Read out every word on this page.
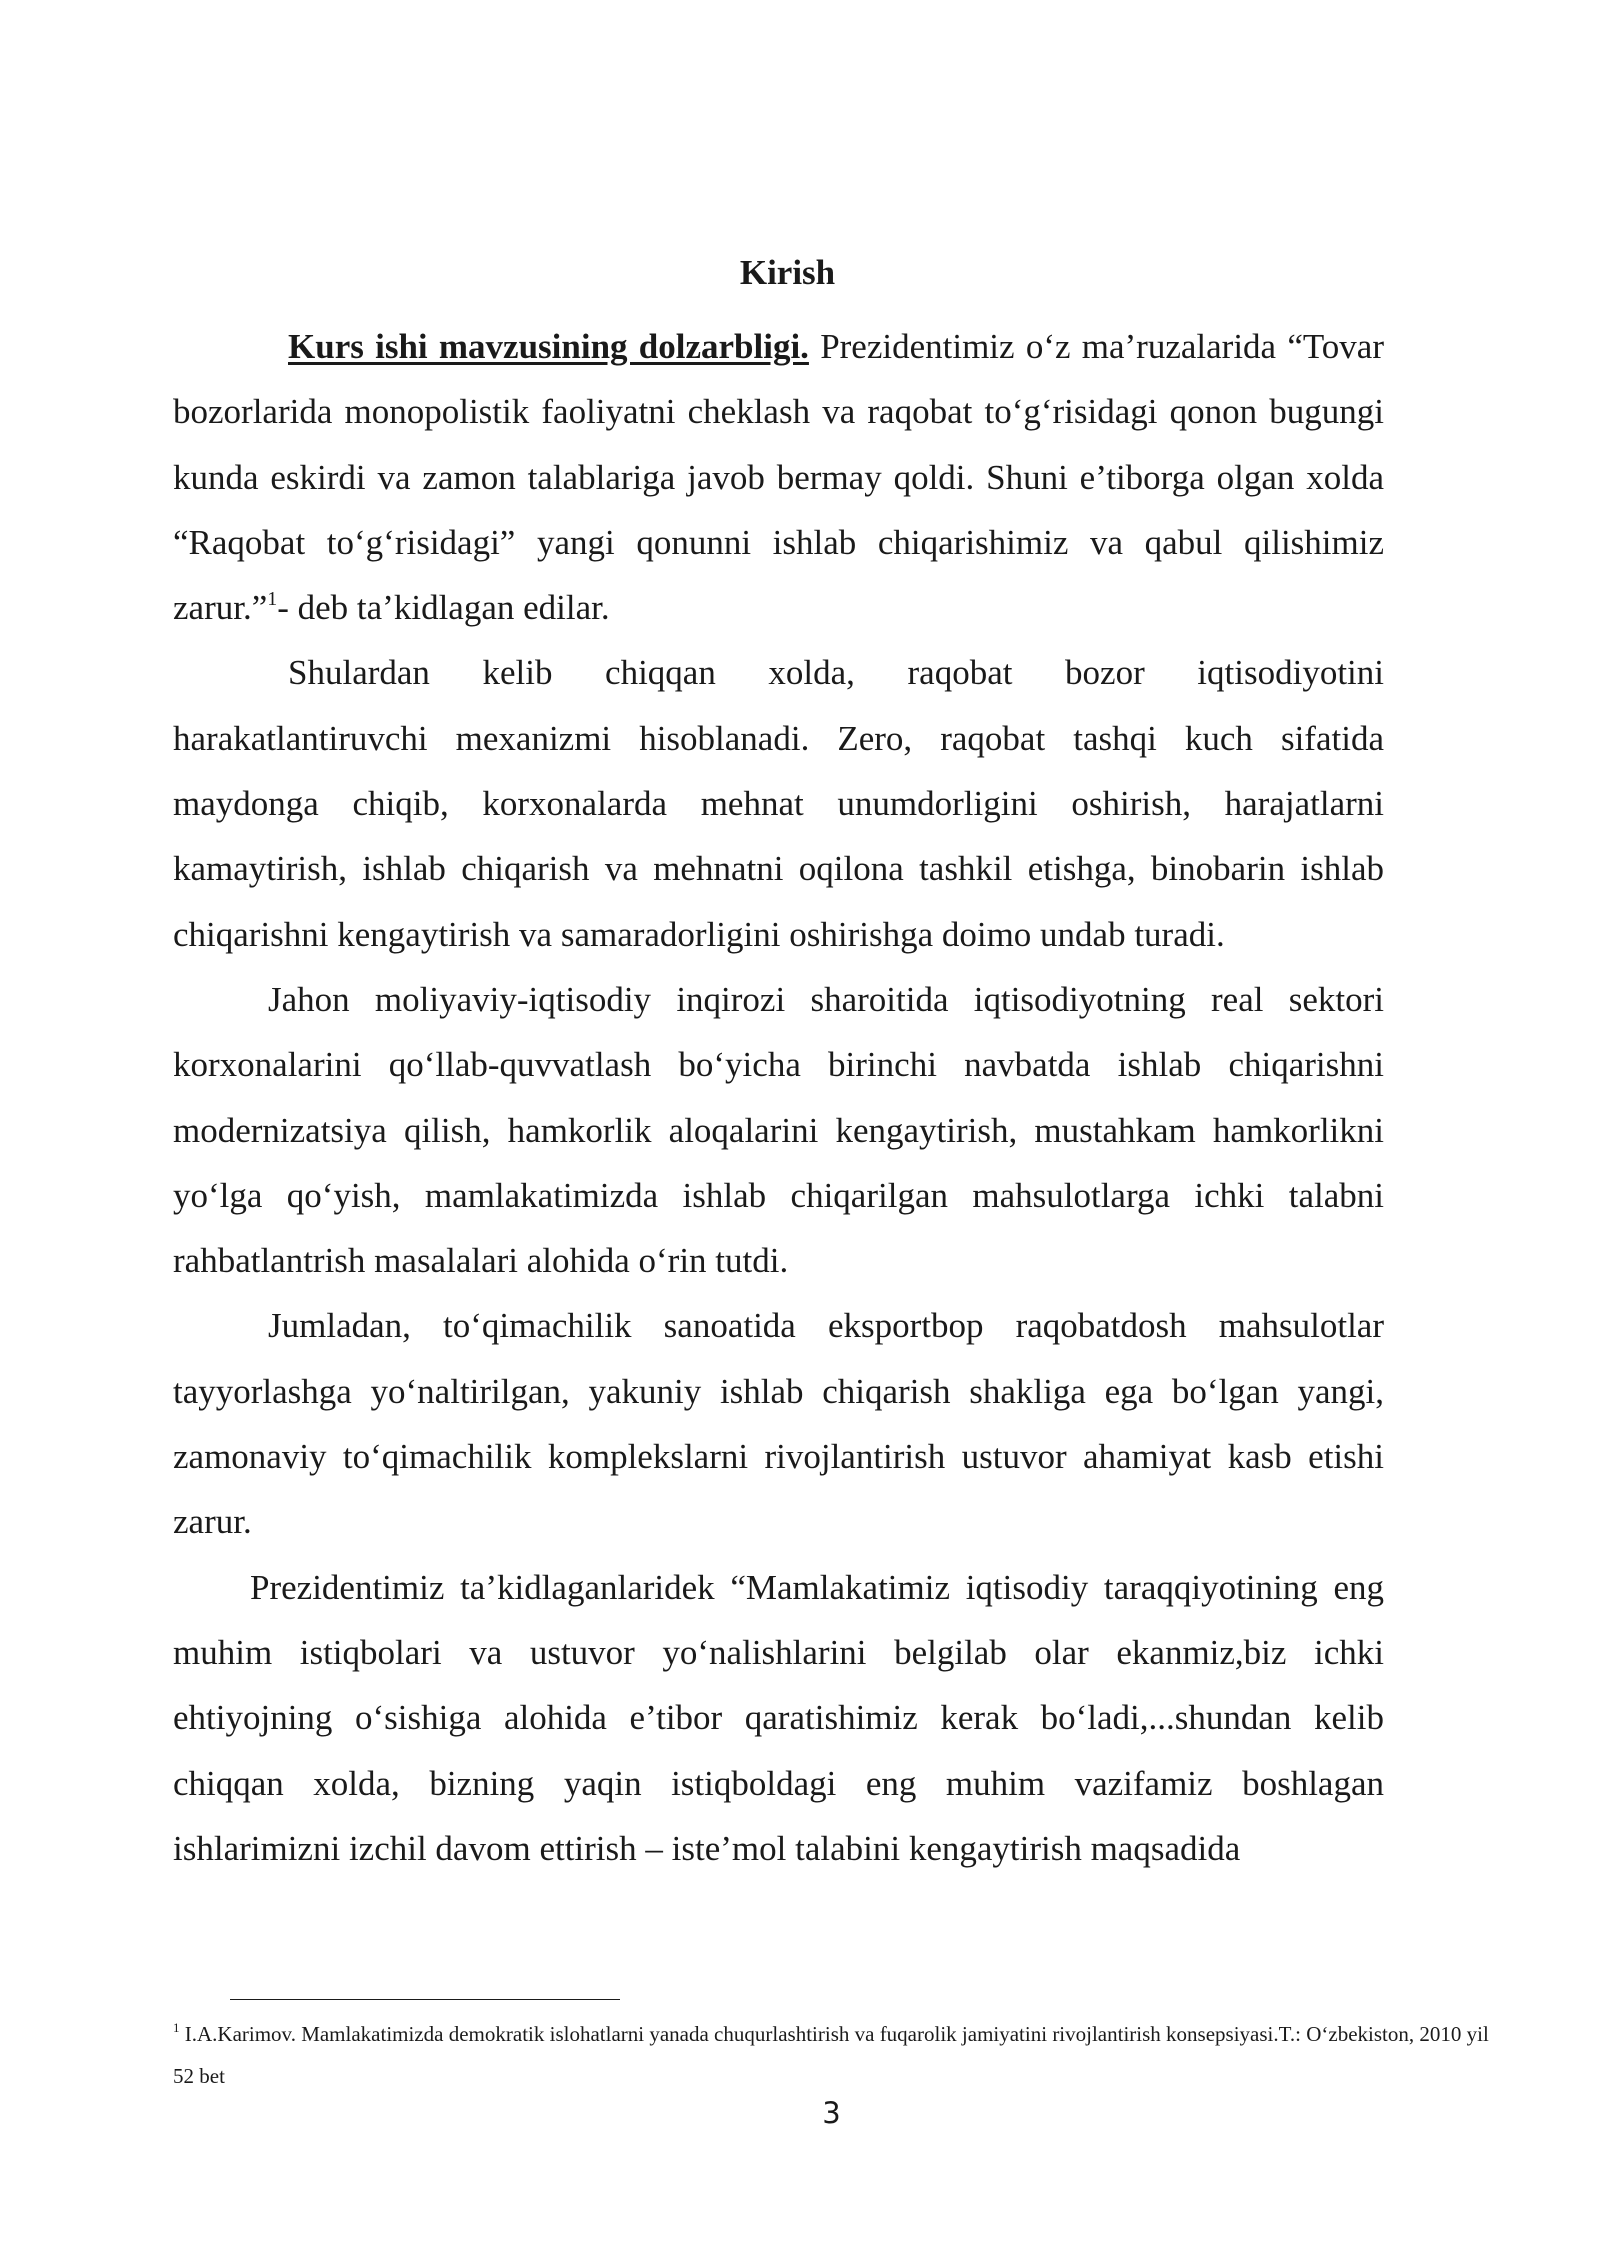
Kirish

Kurs ishi mavzusining dolzarbligi. Prezidentimiz o‘z ma’ruzalarida “Tovar bozorlarida monopolistik faoliyatni cheklash va raqobat to‘g‘risidagi qonon bugungi kunda eskirdi va zamon talablariga javob bermay qoldi. Shuni e’tiborga olgan xolda “Raqobat to‘g‘risidagi” yangi qonunni ishlab chiqarishimiz va qabul qilishimiz zarur.”$^1$- deb ta’kidlagan edilar.

Shulardan kelib chiqqan xolda, raqobat bozor iqtisodiyotini harakatlantiruvchi mexanizmi hisoblanadi. Zero, raqobat tashqi kuch sifatida maydonga chiqib, korxonalarda mehnat unumdorligini oshirish, harajatlarni kamaytirish, ishlab chiqarish va mehnatni oqilona tashkil etishga, binobarin ishlab chiqarishni kengaytirish va samaradorligini oshirishga doimo undab turadi.

Jahon moliyaviy-iqtisodiy inqirozi sharoitida iqtisodiyotning real sektori korxonalarini qo‘llab-quvvatlash bo‘yicha birinchi navbatda ishlab chiqarishni modernizatsiya qilish, hamkorlik aloqalarini kengaytirish, mustahkam hamkorlikni yo‘lga qo‘yish, mamlakatimizda ishlab chiqarilgan mahsulotlarga ichki talabni rahbatlantrish masalalari alohida o‘rin tutdi.

Jumladan, to‘qimachilik sanoatida eksportbop raqobatdosh mahsulotlar tayyorlashga yo‘naltirilgan, yakuniy ishlab chiqarish shakliga ega bo‘lgan yangi, zamonaviy to‘qimachilik komplekslarni rivojlantirish ustuvor ahamiyat kasb etishi zarur.

Prezidentimiz ta’kidlaganlaridek “Mamlakatimiz iqtisodiy taraqqiyotining eng muhim istiqbolari va ustuvor yo‘nalishlarini belgilab olar ekanmiz,biz ichki ehtiyojning o‘sishiga alohida e’tibor qaratishimiz kerak bo‘ladi,...shundan kelib chiqqan xolda, bizning yaqin istiqboldagi eng muhim vazifamiz boshlagan ishlarimizni izchil davom ettirish – iste’mol talabini kengaytirish maqsadida

$^1$ I.A.Karimov. Mamlakatimizda demokratik islohatlarni yanada chuqurlashtirish va fuqarolik jamiyatini rivojlantirish konsepsiyasi.T.: O‘zbekiston, 2010 yil 52 bet
3
